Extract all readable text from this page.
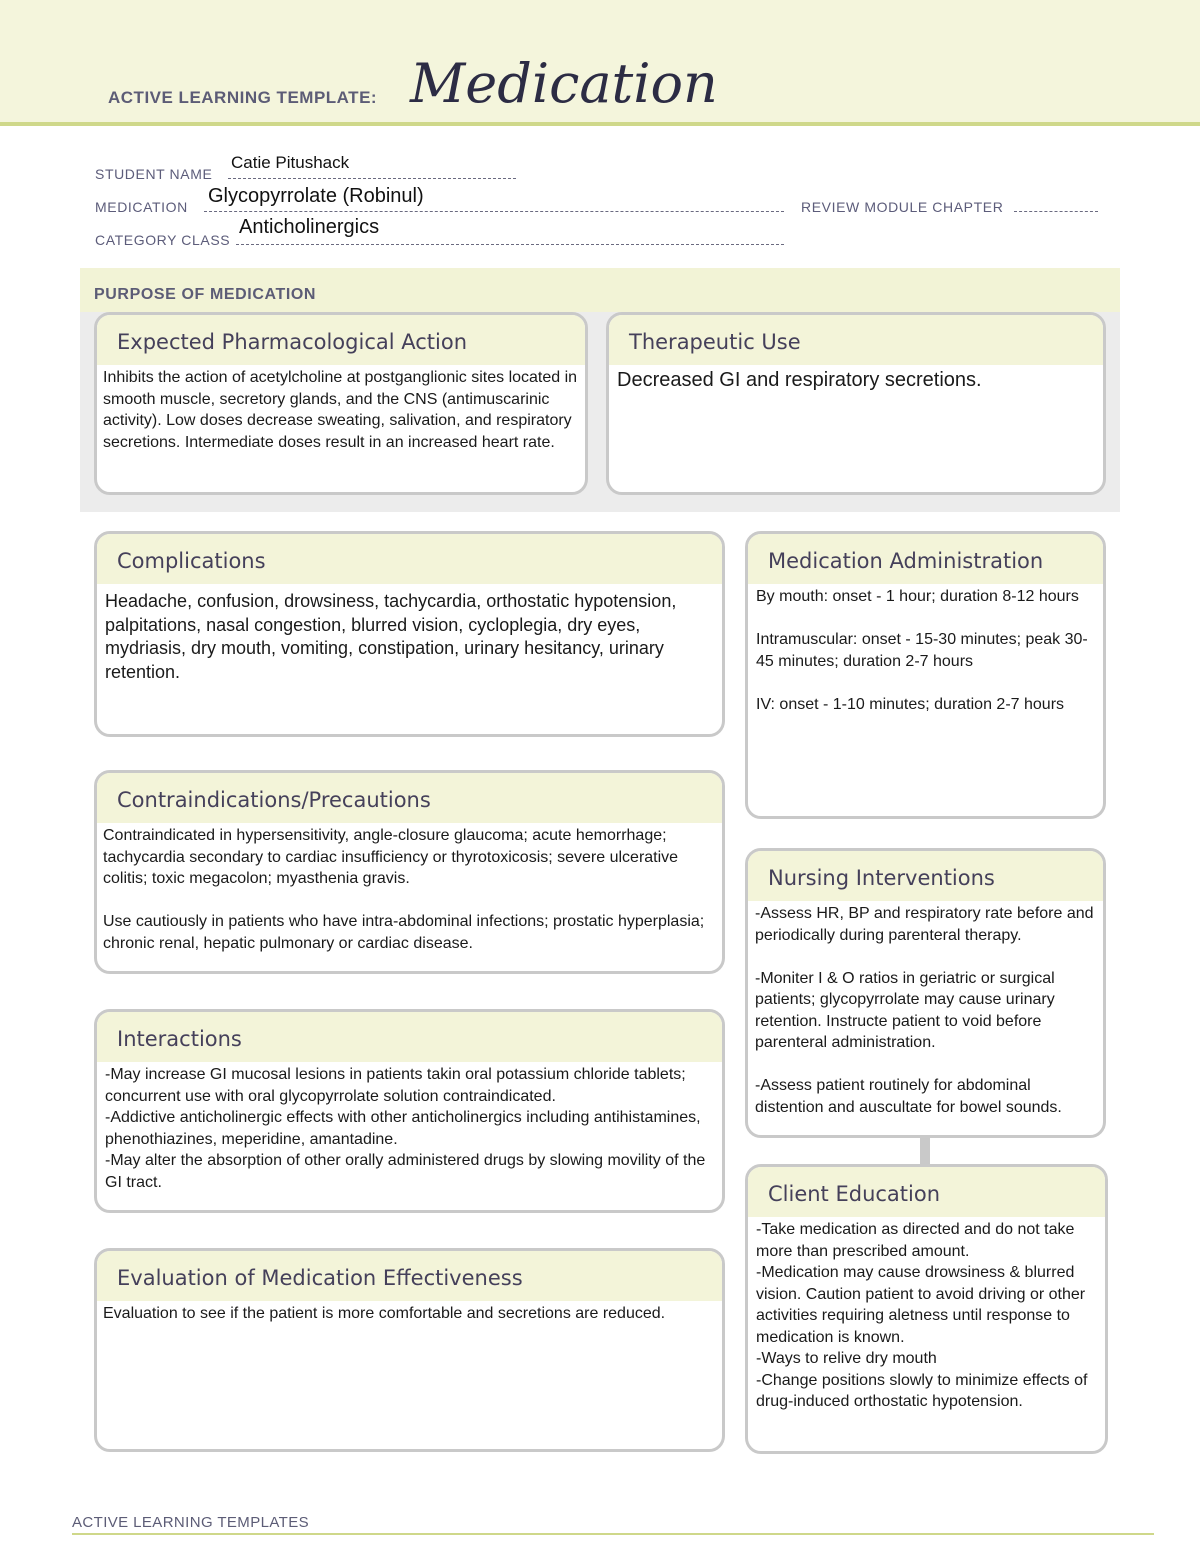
ACTIVE LEARNING TEMPLATE: Medication
STUDENT NAME
Catie Pitushack
MEDICATION Glycopyrrolate (Robinul)	REVIEW MODULE CHAPTER
CATEGORY CLASS
Anticholinergics
PURPOSE OF MEDICATION
Expected Pharmacological Action
Inhibits the action of acetylcholine at postganglionic sites located in smooth muscle, secretory glands, and the CNS (antimuscarinic activity). Low doses decrease sweating, salivation, and respiratory secretions. Intermediate doses result in an increased heart rate.
Therapeutic Use
Decreased GI and respiratory secretions.
Complications
Headache, confusion, drowsiness, tachycardia, orthostatic hypotension, palpitations, nasal congestion, blurred vision, cycloplegia, dry eyes, mydriasis, dry mouth, vomiting, constipation, urinary hesitancy, urinary retention.
Contraindications/Precautions
Contraindicated in hypersensitivity, angle-closure glaucoma; acute hemorrhage; tachycardia secondary to cardiac insufficiency or thyrotoxicosis; severe ulcerative colitis; toxic megacolon; myasthenia gravis.

Use cautiously in patients who have intra-abdominal infections; prostatic hyperplasia; chronic renal, hepatic pulmonary or cardiac disease.
Interactions
-May increase GI mucosal lesions in patients takin oral potassium chloride tablets; concurrent use with oral glycopyrrolate solution contraindicated.
-Addictive anticholinergic effects with other anticholinergics including antihistamines, phenothiazines, meperidine, amantadine.
-May alter the absorption of other orally administered drugs by slowing movility of the GI tract.
Evaluation of Medication Effectiveness
Evaluation to see if the patient is more comfortable and secretions are reduced.
Medication Administration
By mouth: onset - 1 hour; duration 8-12 hours

Intramuscular: onset - 15-30 minutes; peak 30-45 minutes; duration 2-7 hours

IV: onset - 1-10 minutes; duration 2-7 hours
Nursing Interventions
-Assess HR, BP and respiratory rate before and periodically during parenteral therapy.

-Moniter I & O ratios in geriatric or surgical patients; glycopyrrolate may cause urinary retention. Instructe patient to void before parenteral administration.

-Assess patient routinely for abdominal distention and auscultate for bowel sounds.
Client Education
-Take medication as directed and do not take more than prescribed amount.
-Medication may cause drowsiness & blurred vision. Caution patient to avoid driving or other activities requiring aletness until response to medication is known.
-Ways to relive dry mouth
-Change positions slowly to minimize effects of drug-induced orthostatic hypotension.
ACTIVE LEARNING TEMPLATES
